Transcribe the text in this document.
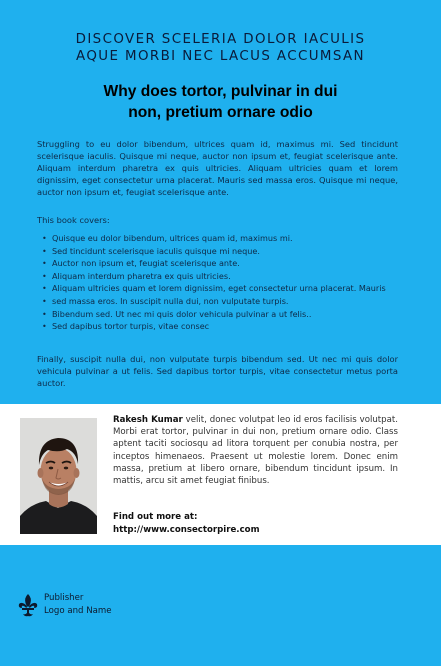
DISCOVER SCELERIA DOLOR IACULIS
AQUE MORBI NEC LACUS ACCUMSAN
Why does tortor, pulvinar in dui
non, pretium ornare odio
Struggling to eu dolor bibendum, ultrices quam id, maximus mi. Sed tincidunt scelerisque iaculis. Quisque mi neque, auctor non ipsum et, feugiat scelerisque ante. Aliquam interdum pharetra ex quis ultricies. Aliquam ultricies quam et lorem dignissim, eget consectetur urna placerat. Mauris sed massa eros. Quisque mi neque, auctor non ipsum et, feugiat scelerisque ante.
This book covers:
• Quisque eu dolor bibendum, ultrices quam id, maximus mi.
• Sed tincidunt scelerisque iaculis quisque mi neque.
• Auctor non ipsum et, feugiat scelerisque ante.
• Aliquam interdum pharetra ex quis ultricies.
• Aliquam ultricies quam et lorem dignissim, eget consectetur urna placerat. Mauris
• sed massa eros. In suscipit nulla dui, non vulputate turpis.
• Bibendum sed. Ut nec mi quis dolor vehicula pulvinar a ut felis..
• Sed dapibus tortor turpis, vitae consec
Finally, suscipit nulla dui, non vulputate turpis bibendum sed. Ut nec mi quis dolor vehicula pulvinar a ut felis. Sed dapibus tortor turpis, vitae consectetur metus porta auctor.
Rakesh Kumar velit, donec volutpat leo id eros facilisis volutpat. Morbi erat tortor, pulvinar in dui non, pretium ornare odio. Class aptent taciti sociosqu ad litora torquent per conubia nostra, per inceptos himenaeos. Praesent ut molestie lorem. Donec enim massa, pretium at libero ornare, bibendum tincidunt ipsum. In mattis, arcu sit amet feugiat finibus.
Find out more at:
http://www.consectorpire.com
Publisher
Logo and Name
